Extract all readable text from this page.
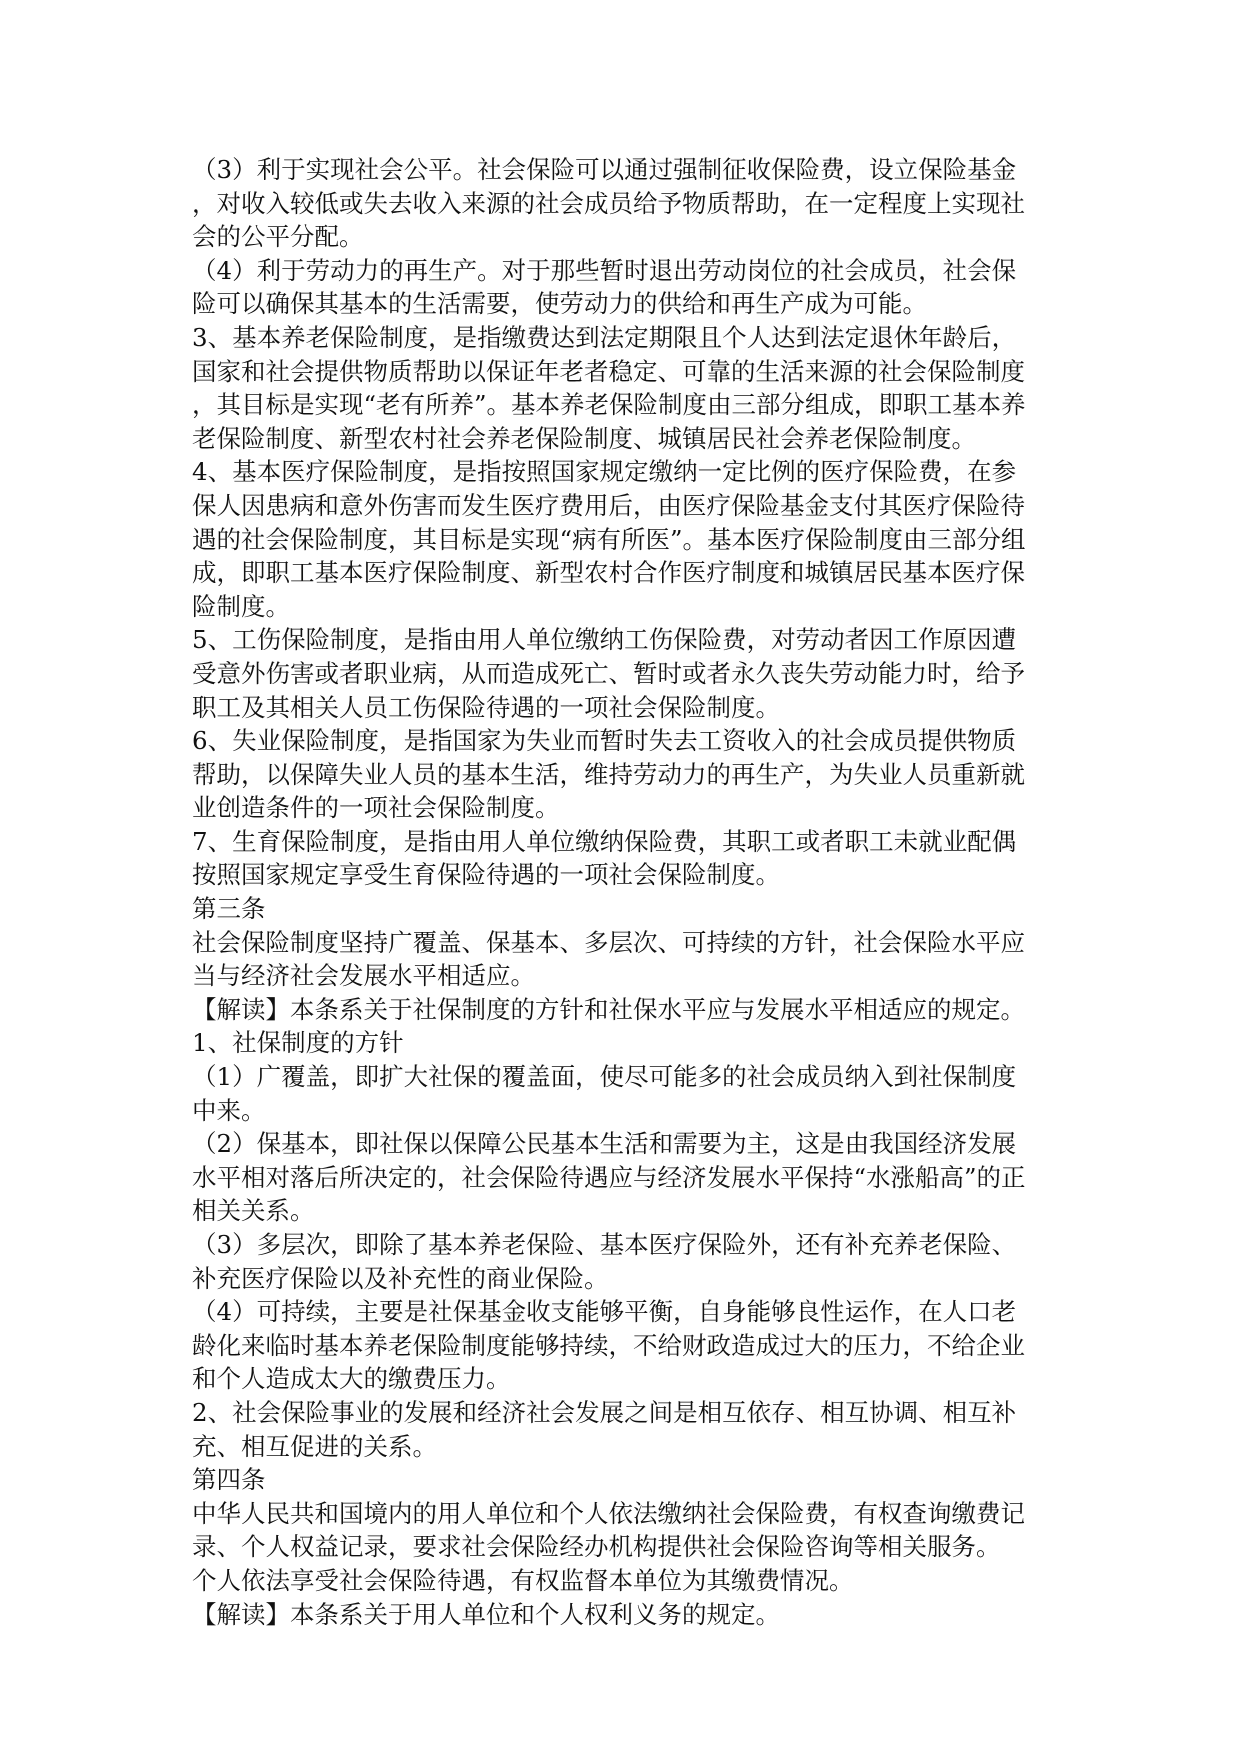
（3）利于实现社会公平。社会保险可以通过强制征收保险费，设立保险基金
，对收入较低或失去收入来源的社会成员给予物质帮助，在一定程度上实现社
会的公平分配。
（4）利于劳动力的再生产。对于那些暂时退出劳动岗位的社会成员，社会保
险可以确保其基本的生活需要，使劳动力的供给和再生产成为可能。
3、基本养老保险制度，是指缴费达到法定期限且个人达到法定退休年龄后，
国家和社会提供物质帮助以保证年老者稳定、可靠的生活来源的社会保险制度
，其目标是实现“老有所养”。基本养老保险制度由三部分组成，即职工基本养
老保险制度、新型农村社会养老保险制度、城镇居民社会养老保险制度。
4、基本医疗保险制度，是指按照国家规定缴纳一定比例的医疗保险费，在参
保人因患病和意外伤害而发生医疗费用后，由医疗保险基金支付其医疗保险待
遇的社会保险制度，其目标是实现“病有所医”。基本医疗保险制度由三部分组
成，即职工基本医疗保险制度、新型农村合作医疗制度和城镇居民基本医疗保
险制度。
5、工伤保险制度，是指由用人单位缴纳工伤保险费，对劳动者因工作原因遭
受意外伤害或者职业病，从而造成死亡、暂时或者永久丧失劳动能力时，给予
职工及其相关人员工伤保险待遇的一项社会保险制度。
6、失业保险制度，是指国家为失业而暂时失去工资收入的社会成员提供物质
帮助，以保障失业人员的基本生活，维持劳动力的再生产，为失业人员重新就
业创造条件的一项社会保险制度。
7、生育保险制度，是指由用人单位缴纳保险费，其职工或者职工未就业配偶
按照国家规定享受生育保险待遇的一项社会保险制度。
第三条
社会保险制度坚持广覆盖、保基本、多层次、可持续的方针，社会保险水平应
当与经济社会发展水平相适应。
【解读】本条系关于社保制度的方针和社保水平应与发展水平相适应的规定。
1、社保制度的方针
（1）广覆盖，即扩大社保的覆盖面，使尽可能多的社会成员纳入到社保制度
中来。
（2）保基本，即社保以保障公民基本生活和需要为主，这是由我国经济发展
水平相对落后所决定的，社会保险待遇应与经济发展水平保持“水涨船高”的正
相关关系。
（3）多层次，即除了基本养老保险、基本医疗保险外，还有补充养老保险、
补充医疗保险以及补充性的商业保险。
（4）可持续，主要是社保基金收支能够平衡，自身能够良性运作，在人口老
龄化来临时基本养老保险制度能够持续，不给财政造成过大的压力，不给企业
和个人造成太大的缴费压力。
2、社会保险事业的发展和经济社会发展之间是相互依存、相互协调、相互补
充、相互促进的关系。
第四条
中华人民共和国境内的用人单位和个人依法缴纳社会保险费，有权查询缴费记
录、个人权益记录，要求社会保险经办机构提供社会保险咨询等相关服务。
个人依法享受社会保险待遇，有权监督本单位为其缴费情况。
【解读】本条系关于用人单位和个人权利义务的规定。
